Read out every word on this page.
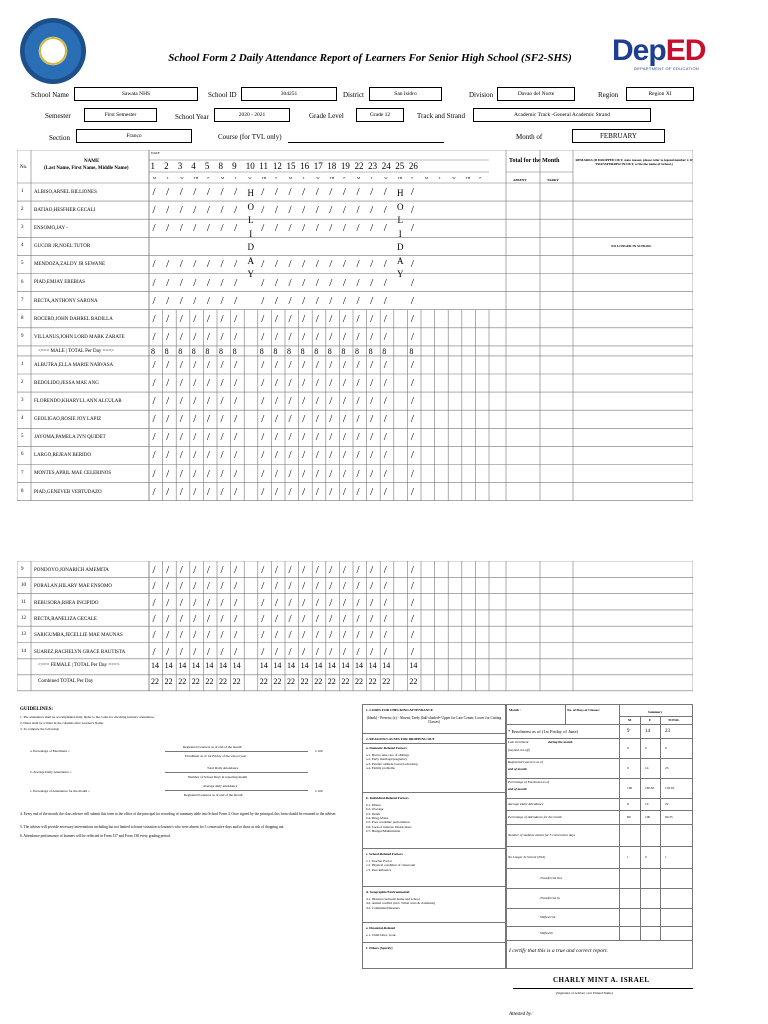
School Form 2 Daily Attendance Report of Learners For Senior High School (SF2-SHS)	DepED
DEPARTMENT OF EDUCATION
School Name	Sawata NHS	School ID	304251	District	San Isidro	Division	Davao del Norte	Region	Region XI
Semester	First Semester	School Year	2020 - 2021	Grade Level	Grade 12	Track and Strand	Academic Track -General Academic Strand
Section	Franco	Course (for TVL only)	Month of	FEBRUARY
No.
NAME
(Last Name, First Name, Middle Name)
DATE
Total for the Month
ABSENT	TARDY
REMARKS (If DROPPED OUT, state reason, please refer to legend number 2. If TRANSFERRED IN/OUT, write the name of School.)
1 2 3 4 5 8 9 10 11 12 15 16 17 18 19 22 23 24 25 26
M	T	W	TH	F	M	T	W	TH	F	M	T	W	TH	F	M	T	W	TH	F	M	T	W	TH	F
1 ALBISO,ARNEL BILLIONES	/ / / / / / / / / / / / / / / / / /
2 BATIAO,HESFHER GECALI	/ / / / / / / / / / / / / / / / / /
3 ENSOMO,JAY -	/ / / / / / / / / / / / / / / / / /
4 GUCOR JR,NOEL TUTOR	NO LONGER IN SCHOOL
5 MENDOZA,ZALDY JR SEWANE	/ / / / / / / / / / / / / / / / / /
6 PIAD,EMJAY EREBIAS	/ / / / / / / / / / / / / / / / / /
7 RECTA,ANTHONY SARONA	/ / / / / / / / / / / / / / / / / /
8 ROCERO,JOHN DAHREL BADILLA	/ / / / / / / / / / / / / / / / / /
9 VILLANUS,JOHN LORD MARK ZABATE	/ / / / / / / / / / / / / / / / / /
<=== MALE | TOTAL Per Day ===>	8 8 8 8 8 8 8	8 8 8 8 8 8 8 8 8 8	8
1 ALBUTRA,ELLA MARIE NARVASA	/ / / / / / / / / / / / / / / / / /
2 BEDOLIDO,JESSA MAE ANG	/ / / / / / / / / / / / / / / / / /
3 FLORENDO,KHARYLL ANN ALCULAR	/ / / / / / / / / / / / / / / / / /
4 GEOLIGAO,ROSIE JOY LAPIZ	/ / / / / / / / / / / / / / / / / /
5 JAYOMA,PAMELA JYN QUIDET	/ / / / / / / / / / / / / / / / / /
6 LARGO,REJEAN BERIDO	/ / / / / / / / / / / / / / / / / /
7 MONTES,APRIL MAE CELERINOS	/ / / / / / / / / / / / / / / / / /
8 PIAD,GENEVEB VERTUDAZO	/ / / / / / / / / / / / / / / / / /
9 PONDOYO,JONARICH AMEMITA	/ / / / / / / / / / / / / / / / / /
10 PORALAN,HILARY MAE ENSOMO	/ / / / / / / / / / / / / / / / / /
11 REBUSORA,RHEA INCIPIDO	/ / / / / / / / / / / / / / / / / /
12 RECTA,RANELIZA GECALE	/ / / / / / / / / / / / / / / / / /
13 SARIGUMBA,JECELLIE MAE MAUNAS	/ / / / / / / / / / / / / / / / / /
14 SUAREZ,RACHELYN GRACE BAUTISTA	/ / / / / / / / / / / / / / / / / /
<=== FEMALE | TOTAL Per Day ===>	14 14 14 14 14 14 14 14 14 14 14 14 14 14 14 14 14 14
Combined TOTAL Per Day	22 22 22 22 22 22 22 22 22 22 22 22 22 22 22 22 22 22
H
O
L
I
D
A
Y
H
O
L
I
D
A
Y
GUIDELINES:
1. The attendance shall be accomplished daily. Refer to the codes for checking learners' attendance.
2. Dates shall be written in the columns after Learner's Name.
3. To compute the following:
a. Percentage of Enrolment =
Registered Learners as of end of the month
Enrolment as of 1st Friday of the school year
x 100
b. Average Daily Attendance =
Total Daily Attendance
Number of School Days in reporting month
c. Percentage of Attendance for the month =
Average daily attendance
Registered Learners as of end of the month
x 100
4. Every end of the month, the class adviser will submit this form to the office of the principal for recording of summary table into School Form 4. Once signed by the principal, this form should be returned to the adviser.
5. The adviser will provide necessary interventions including but not limited to home visitation to learner/s who were absent for 5 consecutive days and/or those at risk of dropping out.
6. Attendance performance of learners will be reflected in Form 137 and Form 138 every grading period.
1. CODES FOR CHECKING ATTENDANCE
(blank) - Present; (x) - Absent; Tardy (half shaded= Upper for Late Comer, Lower for Cutting Classes)
2. REASONS/CAUSES FOR DROPPING OUT
a. Domestic-Related Factors
a.1. Had to take care of siblings
a.2. Early marriage/pregnancy
a.3. Parents' attitude toward schooling
a.4. Family problems
b. Individual-Related Factors
b.1. Illness
b.2. Overage
b.3. Death
b.4. Drug Abuse
b.5. Poor academic performance
b.6. Lack of interest/ Distractions
b.7. Hunger/Malnutrition
c. School-Related Factors
c.1. Teacher Factor
c.2. Physical condition of classroom
c.3. Peer influence
d. Geographic/Environmental
d.1. Distance between home and school
d.2. Armed conflict (incl. Tribal wars & clanfeuds)
d.3. Calamities/Disasters
e. Financial-Related
e.1. Child labor, work
f. Others (Specify)
Month :	No. of Days of Classes:	Summary
M	F	TOTAL
* Enrolment as of (1st Friday of June)	9	14	23
Late enrolment	during the month
(beyond cut-off)
0	0	0
Registered Learners as of
end of month	9	14	23
Percentage of Enrolment as of
end of month	100	185.65	103.03
Average Daily Attendance	8	14	22
Percentage of Attendance for the month	89	100	94.35
Number of students absent for 5 consecutive days
No Longer In School (NLS)	1	0	1
Transferred Out
Transferred In
Shifted Out
Shifted In
I certify that this is a true and correct report.
CHARLY MINT A. ISRAEL
(Signature of Adviser over Printed Name)
Attested by:
